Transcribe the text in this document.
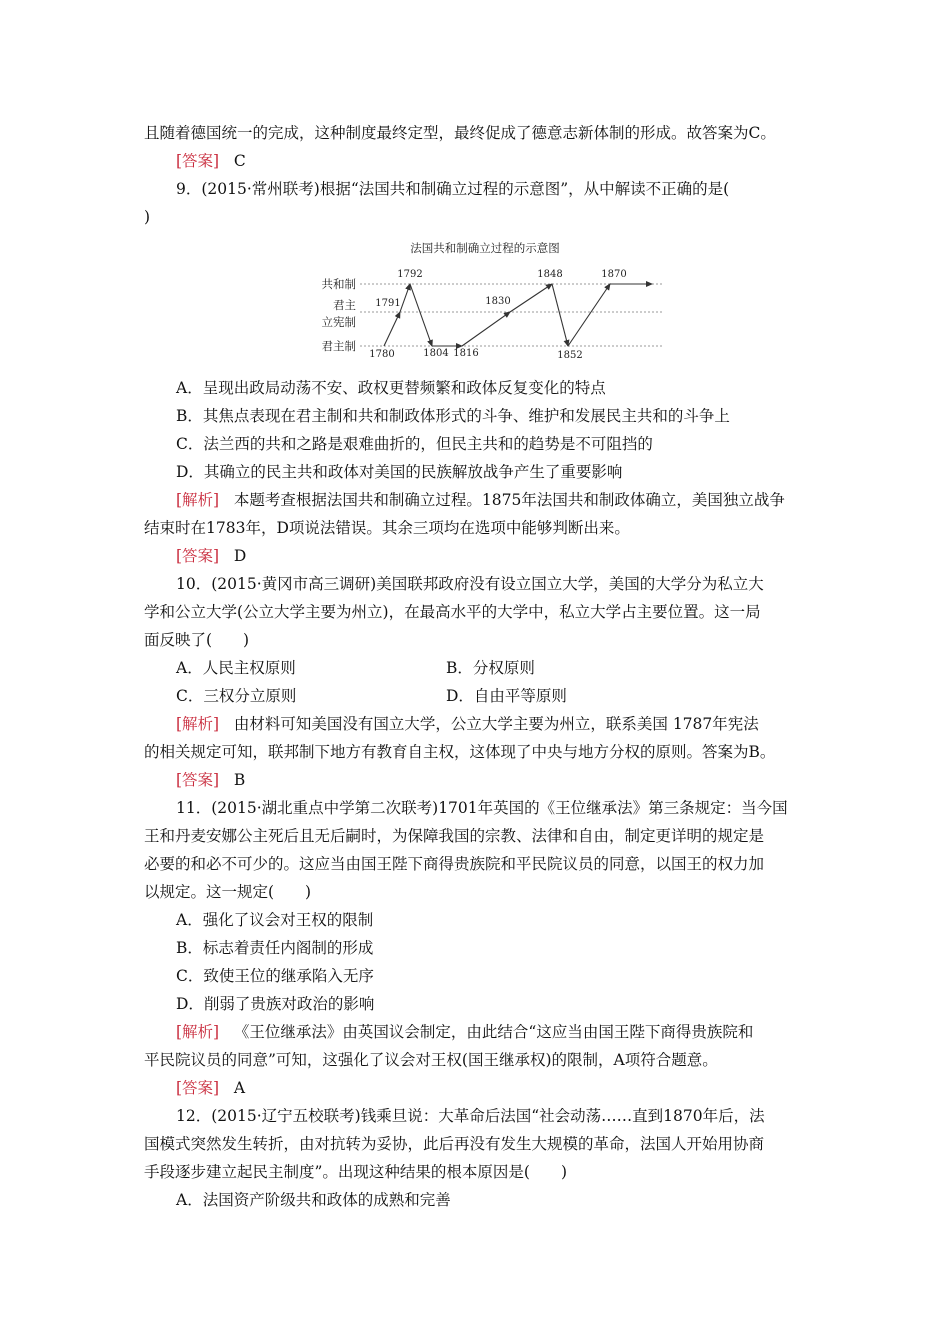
且随着德国统一的完成，这种制度最终定型，最终促成了德意志新体制的形成。故答案为C。
[答案] C
9．(2015·常州联考)根据“法国共和制确立过程的示意图”，从中解读不正确的是(
)
法国共和制确立过程的示意图
共和制
君主
立宪制
君主制
1780
1791
1792
1804 1816
1830
1848
1852
1870
A．呈现出政局动荡不安、政权更替频繁和政体反复变化的特点
B．其焦点表现在君主制和共和制政体形式的斗争、维护和发展民主共和的斗争上
C．法兰西的共和之路是艰难曲折的，但民主共和的趋势是不可阻挡的
D．其确立的民主共和政体对美国的民族解放战争产生了重要影响
[解析] 本题考查根据法国共和制确立过程。1875年法国共和制政体确立，美国独立战争
结束时在1783年，D项说法错误。其余三项均在选项中能够判断出来。
[答案] D
10．(2015·黄冈市高三调研)美国联邦政府没有设立国立大学，美国的大学分为私立大
学和公立大学(公立大学主要为州立)，在最高水平的大学中，私立大学占主要位置。这一局
面反映了(　　)
A．人民主权原则	B．分权原则
C．三权分立原则	D．自由平等原则
[解析] 由材料可知美国没有国立大学，公立大学主要为州立，联系美国 1787年宪法
的相关规定可知，联邦制下地方有教育自主权，这体现了中央与地方分权的原则。答案为B。
[答案] B
11．(2015·湖北重点中学第二次联考)1701年英国的《王位继承法》第三条规定：当今国
王和丹麦安娜公主死后且无后嗣时，为保障我国的宗教、法律和自由，制定更详明的规定是
必要的和必不可少的。这应当由国王陛下商得贵族院和平民院议员的同意，以国王的权力加
以规定。这一规定(　　)
A．强化了议会对王权的限制
B．标志着责任内阁制的形成
C．致使王位的继承陷入无序
D．削弱了贵族对政治的影响
[解析] 《王位继承法》由英国议会制定，由此结合“这应当由国王陛下商得贵族院和
平民院议员的同意”可知，这强化了议会对王权(国王继承权)的限制，A项符合题意。
[答案] A
12．(2015·辽宁五校联考)钱乘旦说：大革命后法国“社会动荡……直到1870年后，法
国模式突然发生转折，由对抗转为妥协，此后再没有发生大规模的革命，法国人开始用协商
手段逐步建立起民主制度”。出现这种结果的根本原因是(　　)
A．法国资产阶级共和政体的成熟和完善
